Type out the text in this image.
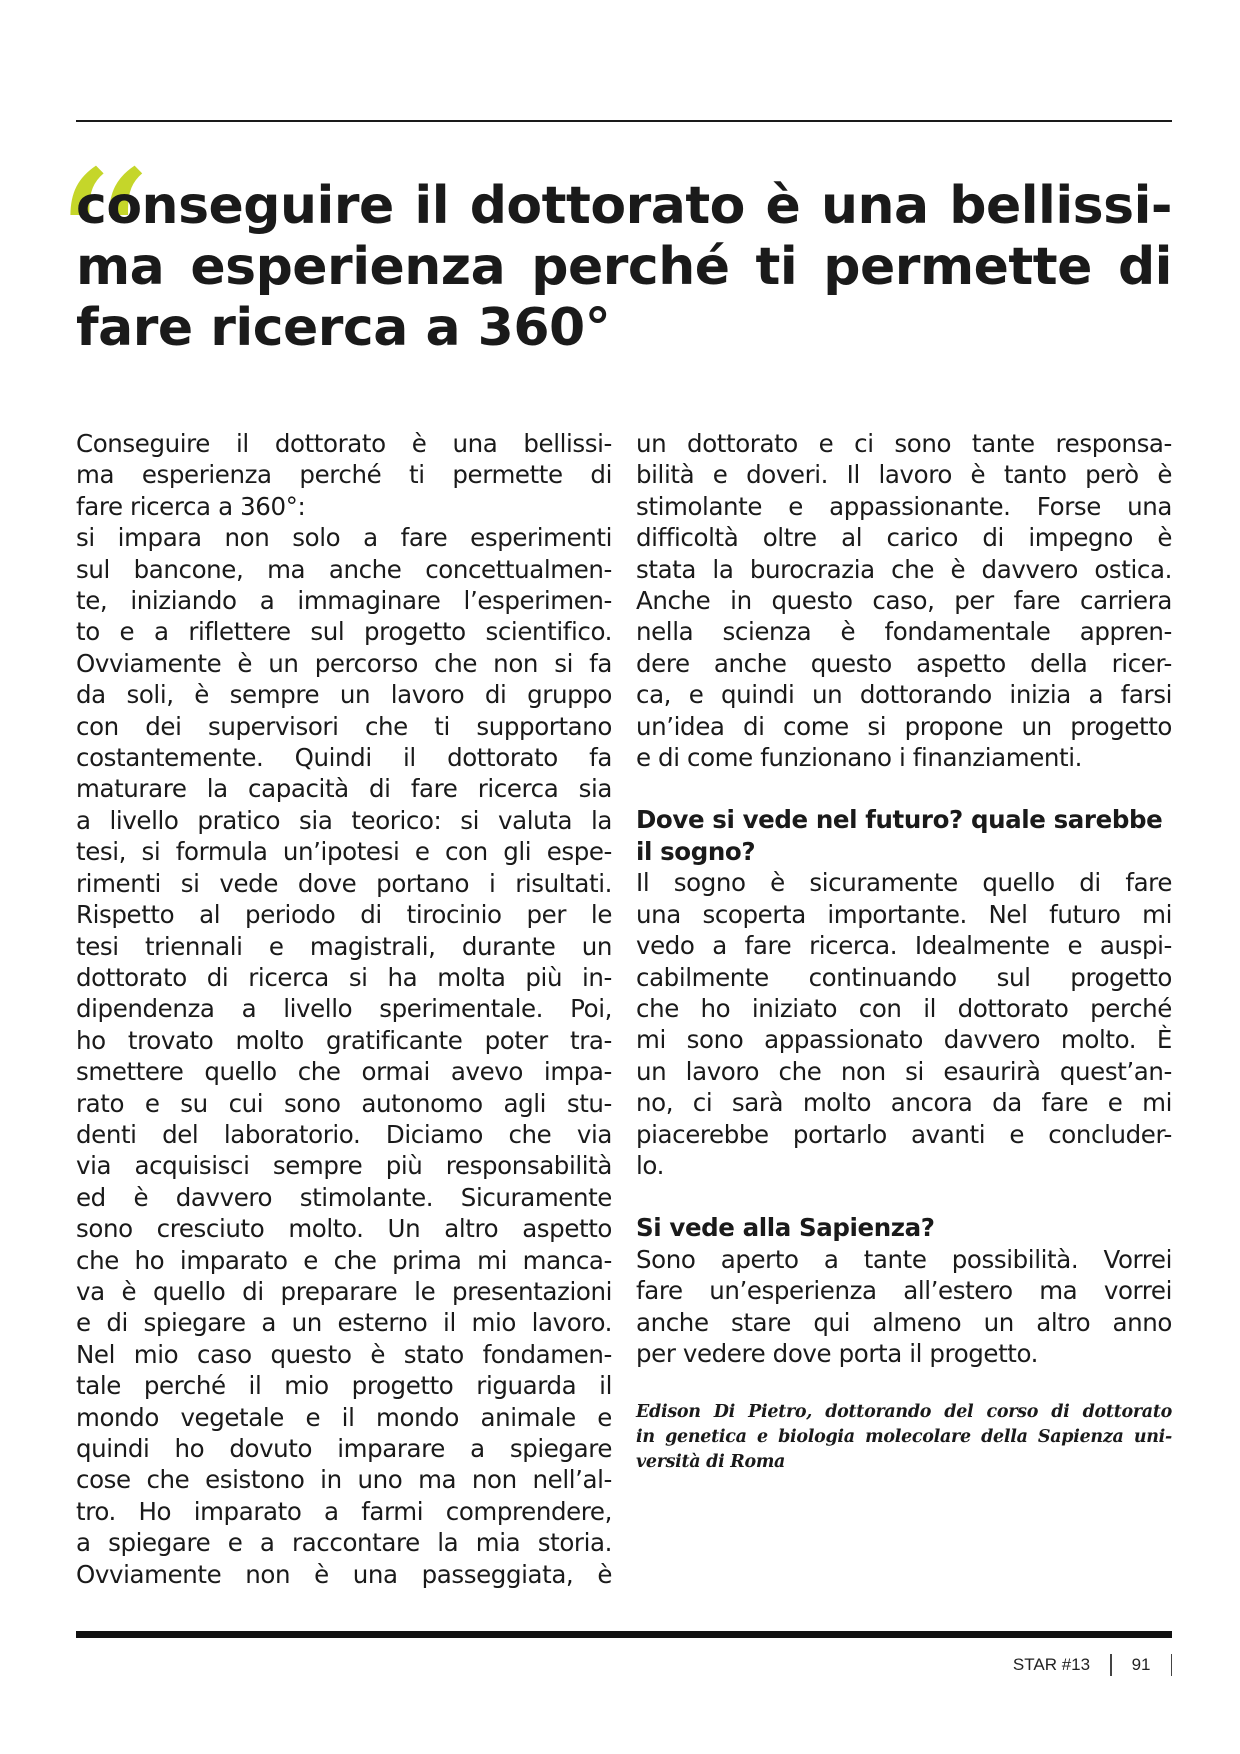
“
conseguire il dottorato è una bellissi-
ma esperienza perché ti permette di
fare ricerca a 360°
Conseguire il dottorato è una bellissi-
ma esperienza perché ti permette di
fare ricerca a 360°:
si impara non solo a fare esperimenti
sul bancone, ma anche concettualmen-
te, iniziando a immaginare l’esperimen-
to e a riflettere sul progetto scientifico.
Ovviamente è un percorso che non si fa
da soli, è sempre un lavoro di gruppo
con dei supervisori che ti supportano
costantemente. Quindi il dottorato fa
maturare la capacità di fare ricerca sia
a livello pratico sia teorico: si valuta la
tesi, si formula un’ipotesi e con gli espe-
rimenti si vede dove portano i risultati.
Rispetto al periodo di tirocinio per le
tesi triennali e magistrali, durante un
dottorato di ricerca si ha molta più in-
dipendenza a livello sperimentale. Poi,
ho trovato molto gratificante poter tra-
smettere quello che ormai avevo impa-
rato e su cui sono autonomo agli stu-
denti del laboratorio. Diciamo che via
via acquisisci sempre più responsabilità
ed è davvero stimolante. Sicuramente
sono cresciuto molto. Un altro aspetto
che ho imparato e che prima mi manca-
va è quello di preparare le presentazioni
e di spiegare a un esterno il mio lavoro.
Nel mio caso questo è stato fondamen-
tale perché il mio progetto riguarda il
mondo vegetale e il mondo animale e
quindi ho dovuto imparare a spiegare
cose che esistono in uno ma non nell’al-
tro. Ho imparato a farmi comprendere,
a spiegare e a raccontare la mia storia.
Ovviamente non è una passeggiata, è
un dottorato e ci sono tante responsa-
bilità e doveri. Il lavoro è tanto però è
stimolante e appassionante. Forse una
difficoltà oltre al carico di impegno è
stata la burocrazia che è davvero ostica.
Anche in questo caso, per fare carriera
nella scienza è fondamentale appren-
dere anche questo aspetto della ricer-
ca, e quindi un dottorando inizia a farsi
un’idea di come si propone un progetto
e di come funzionano i finanziamenti.
Dove si vede nel futuro? quale sarebbe
il sogno?
Il sogno è sicuramente quello di fare
una scoperta importante. Nel futuro mi
vedo a fare ricerca. Idealmente e auspi-
cabilmente continuando sul progetto
che ho iniziato con il dottorato perché
mi sono appassionato davvero molto. È
un lavoro che non si esaurirà quest’an-
no, ci sarà molto ancora da fare e mi
piacerebbe portarlo avanti e concluder-
lo.
Si vede alla Sapienza?
Sono aperto a tante possibilità. Vorrei
fare un’esperienza all’estero ma vorrei
anche stare qui almeno un altro anno
per vedere dove porta il progetto.
Edison Di Pietro, dottorando del corso di dottorato
in genetica e biologia molecolare della Sapienza uni-
versità di Roma
STAR #13 91
